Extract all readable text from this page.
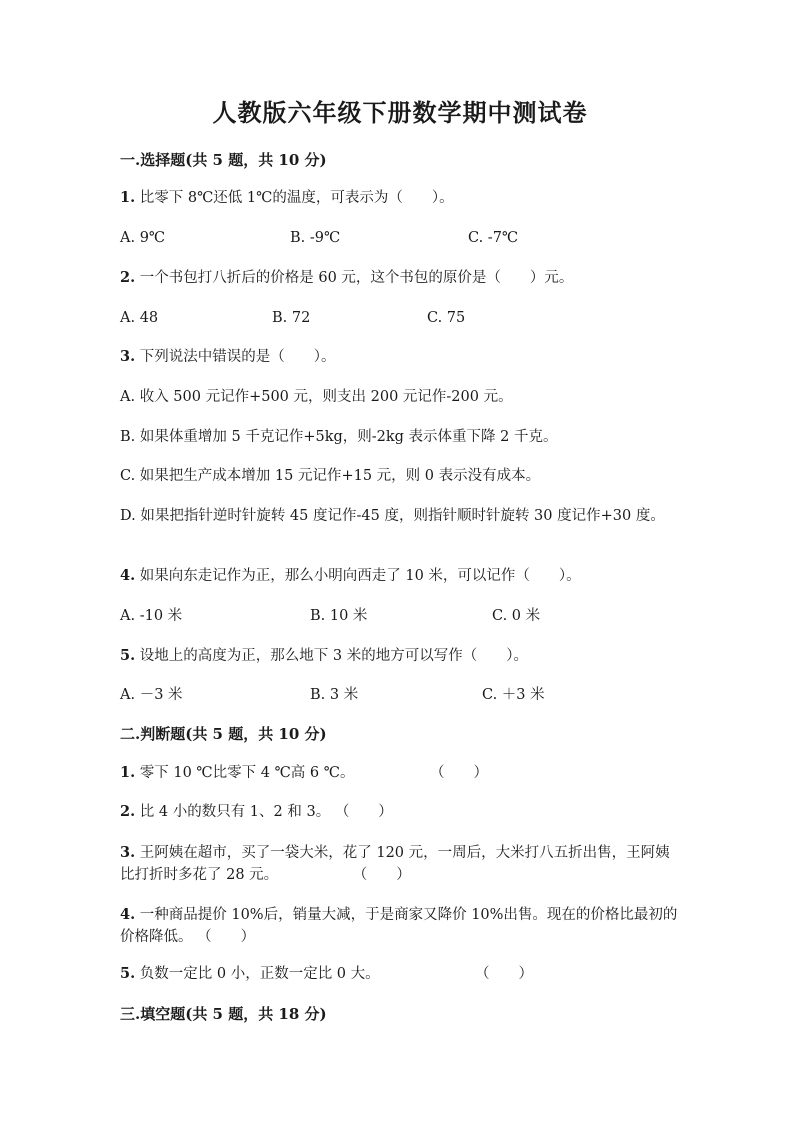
人教版六年级下册数学期中测试卷
一.选择题(共 5 题，共 10 分)
1. 比零下 8℃还低 1℃的温度，可表示为（　　）。
A. 9℃	B. -9℃	C. -7℃
2. 一个书包打八折后的价格是 60 元，这个书包的原价是（　　）元。
A. 48	B. 72	C. 75
3. 下列说法中错误的是（　　）。
A. 收入 500 元记作+500 元，则支出 200 元记作-200 元。
B. 如果体重增加 5 千克记作+5kg，则-2kg 表示体重下降 2 千克。
C. 如果把生产成本增加 15 元记作+15 元，则 0 表示没有成本。
D. 如果把指针逆时针旋转 45 度记作-45 度，则指针顺时针旋转 30 度记作+30 度。
4. 如果向东走记作为正，那么小明向西走了 10 米，可以记作（　　）。
A. -10 米	B. 10 米	C. 0 米
5. 设地上的高度为正，那么地下 3 米的地方可以写作（　　）。
A. －3 米	B. 3 米	C. ＋3 米
二.判断题(共 5 题，共 10 分)
1. 零下 10 ℃比零下 4 ℃高 6 ℃。	（　　）
2. 比 4 小的数只有 1、2 和 3。 （　　）
3. 王阿姨在超市，买了一袋大米，花了 120 元，一周后，大米打八五折出售，王阿姨比打折时多花了 28 元。	（　　）
4. 一种商品提价 10%后，销量大减，于是商家又降价 10%出售。现在的价格比最初的价格降低。 （　　）
5. 负数一定比 0 小，正数一定比 0 大。	（　　）
三.填空题(共 5 题，共 18 分)
